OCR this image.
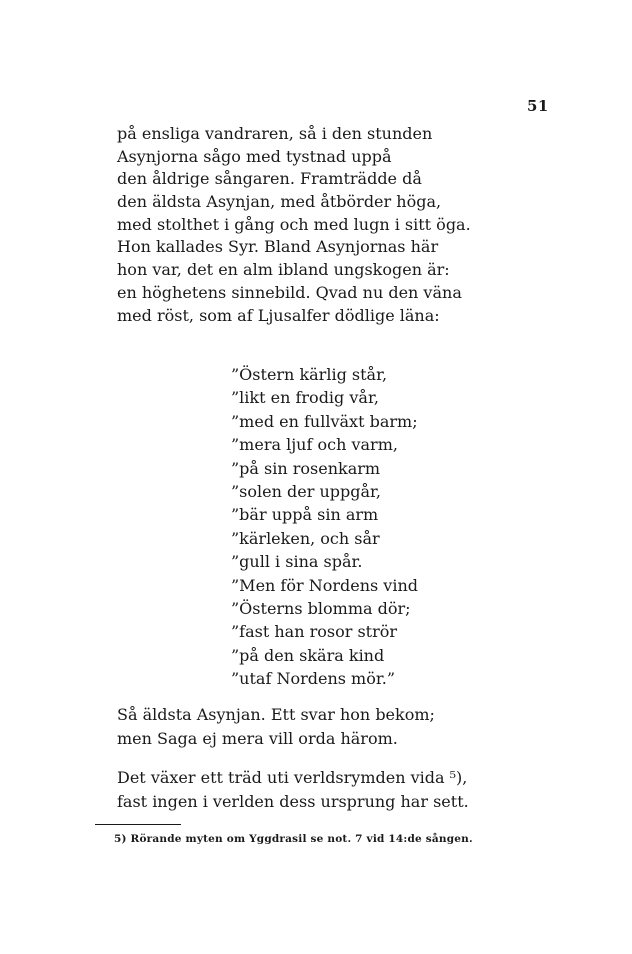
51
på ensliga vandraren, så i den stunden
Asynjorna sågo med tystnad uppå
den åldrige sångaren. Framträdde då
den äldsta Asynjan, med åtbörder höga,
med stolthet i gång och med lugn i sitt öga.
Hon kallades Syr. Bland Asynjornas här
hon var, det en alm ibland ungskogen är:
en höghetens sinnebild. Qvad nu den väna
med röst, som af Ljusalfer dödlige läna:
”Östern kärlig står,
”likt en frodig vår,
”med en fullväxt barm;
”mera ljuf och varm,
”på sin rosenkarm
”solen der uppgår,
”bär uppå sin arm
”kärleken, och sår
”gull i sina spår.
”Men för Nordens vind
”Österns blomma dör;
”fast han rosor strör
”på den skära kind
”utaf Nordens mör.”
Så äldsta Asynjan. Ett svar hon bekom;
men Saga ej mera vill orda härom.
Det växer ett träd uti verldsrymden vida ⁵),
fast ingen i verlden dess ursprung har sett.
5) Rörande myten om Yggdrasil se not. 7 vid 14:de sången.
